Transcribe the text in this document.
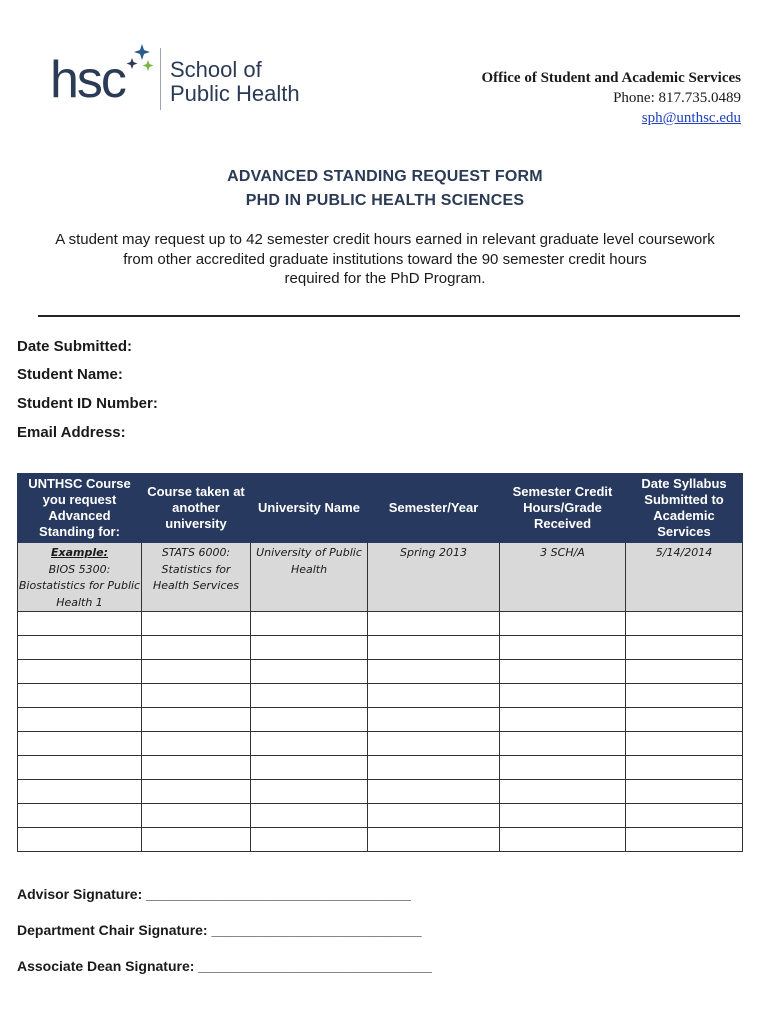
hsc School of
Public Health
Office of Student and Academic Services
Phone: 817.735.0489
sph@unthsc.edu
ADVANCED STANDING REQUEST FORM
PHD IN PUBLIC HEALTH SCIENCES
A student may request up to 42 semester credit hours earned in relevant graduate level coursework
from other accredited graduate institutions toward the 90 semester credit hours
required for the PhD Program.
Date Submitted:
Student Name:
Student ID Number:
Email Address:
UNTHSC Course you request Advanced Standing for:	Course taken at another university	University Name	Semester/Year	Semester Credit Hours/Grade Received	Date Syllabus Submitted to Academic Services

Example:
BIOS 5300: Biostatistics for Public Health 1	STATS 6000: Statistics for Health Services	University of Public Health	Spring 2013	3 SCH/A	5/14/2014

Advisor Signature: __________________________________
Department Chair Signature: ___________________________
Associate Dean Signature: ______________________________
